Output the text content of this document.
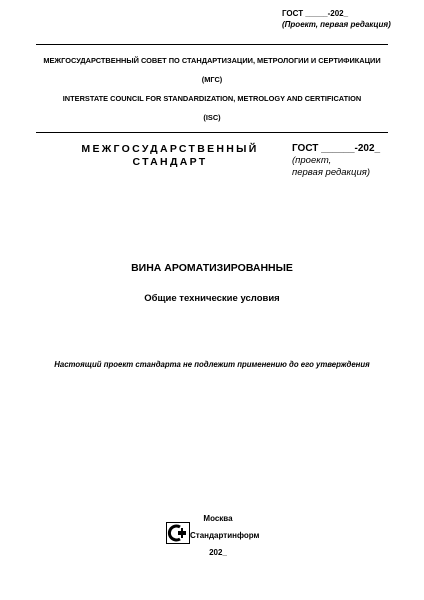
ГОСТ _____-202_
(Проект, первая редакция)
МЕЖГОСУДАРСТВЕННЫЙ СОВЕТ ПО СТАНДАРТИЗАЦИИ, МЕТРОЛОГИИ И СЕРТИФИКАЦИИ
(МГС)
INTERSTATE COUNCIL FOR STANDARDIZATION, METROLOGY AND CERTIFICATION
(ISC)
МЕЖГОСУДАРСТВЕННЫЙ
СТАНДАРТ
ГОСТ ______-202_
(проект,
первая редакция)
ВИНА АРОМАТИЗИРОВАННЫЕ
Общие технические условия
Настоящий проект стандарта не подлежит применению до его утверждения
Москва
Стандартинформ
202_
